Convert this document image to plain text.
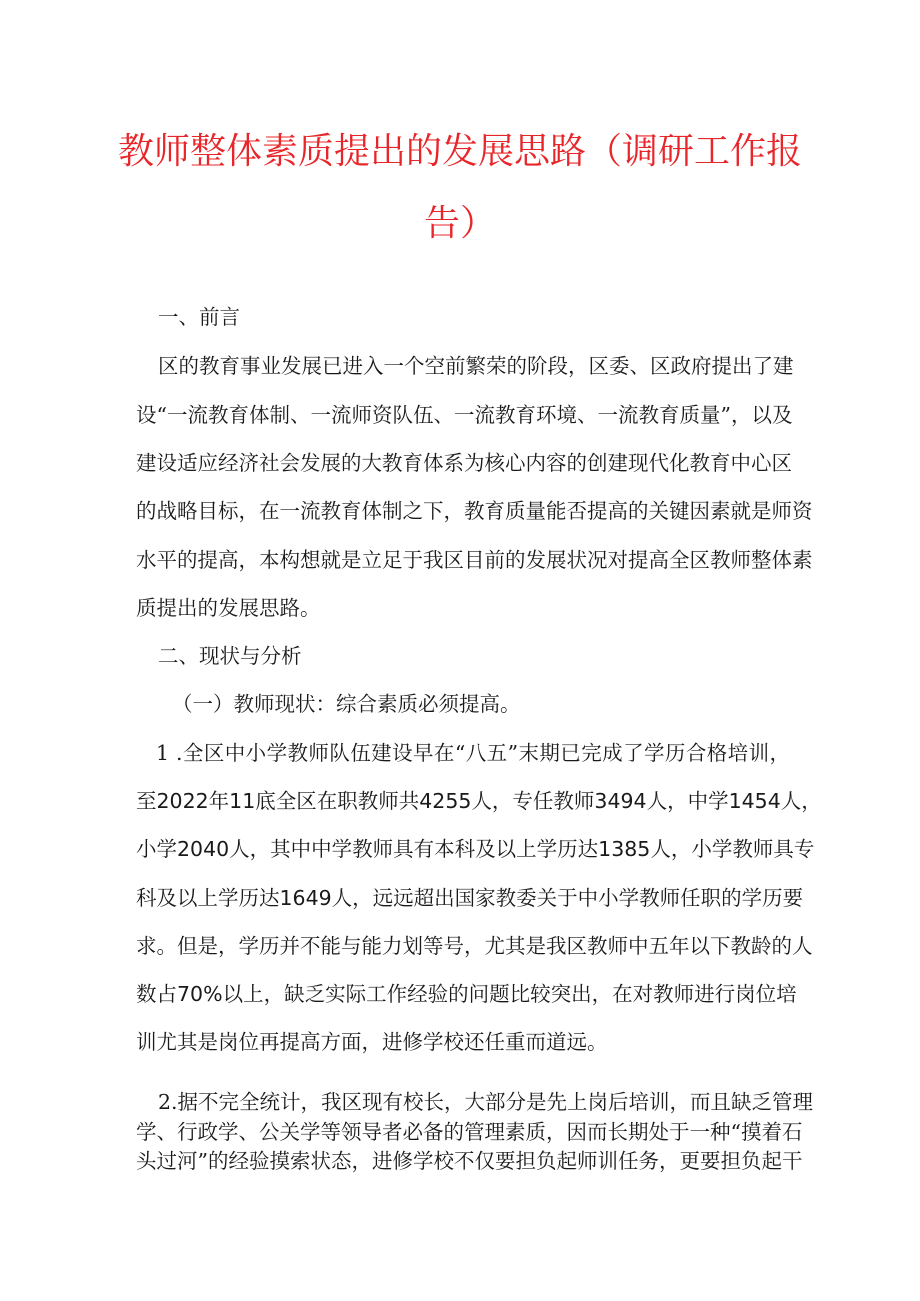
教师整体素质提出的发展思路（调研工作报
告）

一、前言

区的教育事业发展已进入一个空前繁荣的阶段，区委、区政府提出了建

设“一流教育体制、一流师资队伍、一流教育环境、一流教育质量”，以及

建设适应经济社会发展的大教育体系为核心内容的创建现代化教育中心区

的战略目标，在一流教育体制之下，教育质量能否提高的关键因素就是师资

水平的提高，本构想就是立足于我区目前的发展状况对提高全区教师整体素

质提出的发展思路。

二、现状与分析

（一）教师现状：综合素质必须提高。

1 .全区中小学教师队伍建设早在“八五”末期已完成了学历合格培训，

至2022年11底全区在职教师共4255人，专任教师3494人，中学1454人，

小学2040人，其中中学教师具有本科及以上学历达1385人，小学教师具专

科及以上学历达1649人，远远超出国家教委关于中小学教师任职的学历要

求。但是，学历并不能与能力划等号，尤其是我区教师中五年以下教龄的人

数占70%以上，缺乏实际工作经验的问题比较突出，在对教师进行岗位培

训尤其是岗位再提高方面，进修学校还任重而道远。

2.据不完全统计，我区现有校长，大部分是先上岗后培训，而且缺乏管理

学、行政学、公关学等领导者必备的管理素质，因而长期处于一种“摸着石

头过河”的经验摸索状态，进修学校不仅要担负起师训任务，更要担负起干
